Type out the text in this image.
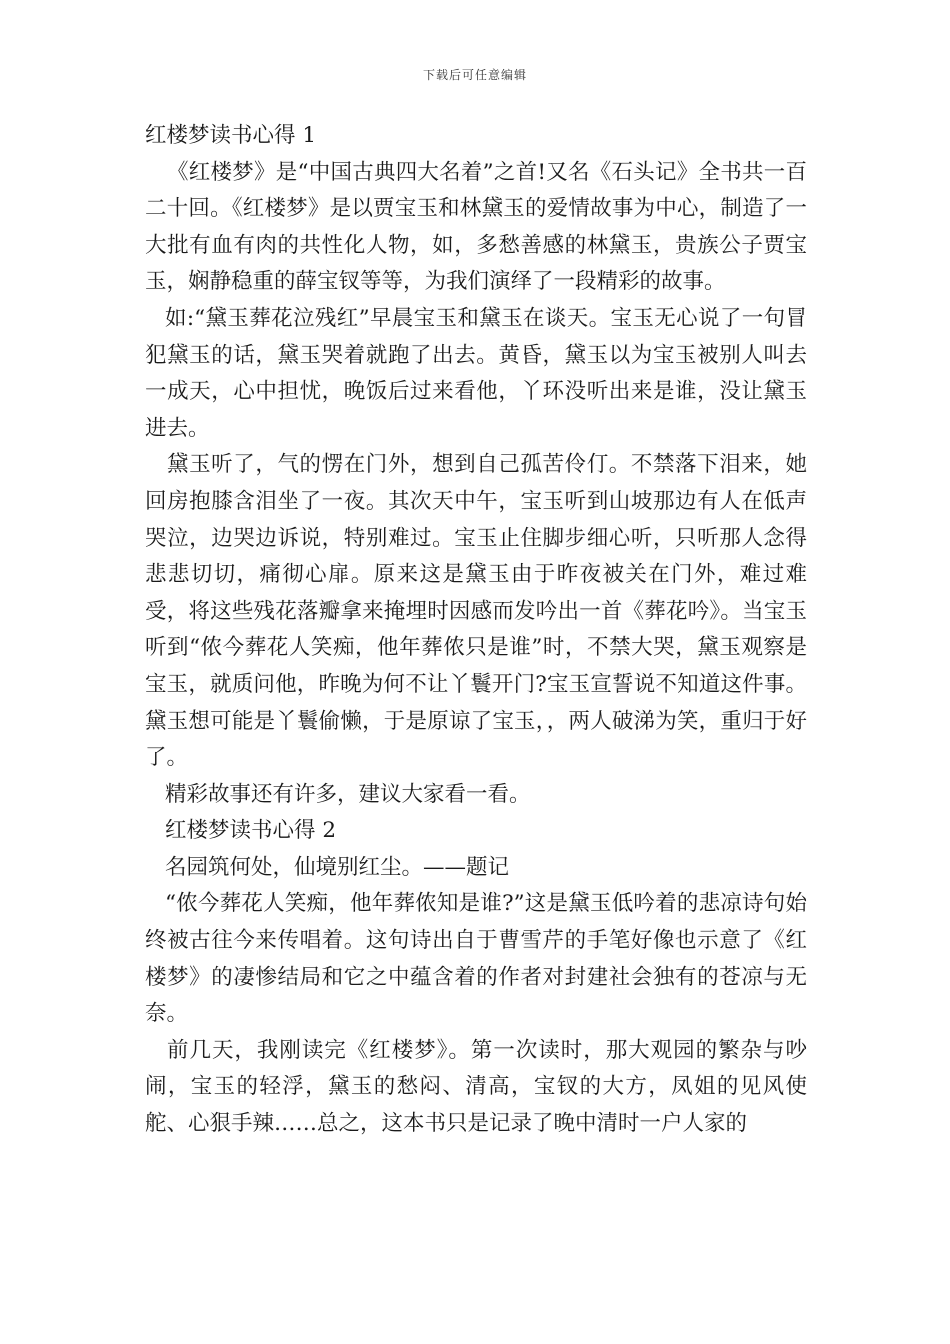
下载后可任意编辑

红楼梦读书心得 1

《红楼梦》是“中国古典四大名着”之首!又名《石头记》全书共一百二十回。《红楼梦》是以贾宝玉和林黛玉的爱情故事为中心，制造了一大批有血有肉的共性化人物，如，多愁善感的林黛玉，贵族公子贾宝玉，娴静稳重的薛宝钗等等，为我们演绎了一段精彩的故事。

如:“黛玉葬花泣残红”早晨宝玉和黛玉在谈天。宝玉无心说了一句冒犯黛玉的话，黛玉哭着就跑了出去。黄昏，黛玉以为宝玉被别人叫去一成天，心中担忧，晚饭后过来看他，丫环没听出来是谁，没让黛玉进去。

黛玉听了，气的愣在门外，想到自己孤苦伶仃。不禁落下泪来，她回房抱膝含泪坐了一夜。其次天中午，宝玉听到山坡那边有人在低声哭泣，边哭边诉说，特别难过。宝玉止住脚步细心听，只听那人念得悲悲切切，痛彻心扉。原来这是黛玉由于昨夜被关在门外，难过难受，将这些残花落瓣拿来掩埋时因感而发吟出一首《葬花吟》。当宝玉听到“侬今葬花人笑痴，他年葬侬只是谁”时，不禁大哭，黛玉观察是宝玉，就质问他，昨晚为何不让丫鬟开门?宝玉宣誓说不知道这件事。黛玉想可能是丫鬟偷懒，于是原谅了宝玉，，两人破涕为笑，重归于好了。

精彩故事还有许多，建议大家看一看。

红楼梦读书心得 2

名园筑何处，仙境别红尘。——题记

“侬今葬花人笑痴，他年葬侬知是谁?”这是黛玉低吟着的悲凉诗句始终被古往今来传唱着。这句诗出自于曹雪芹的手笔好像也示意了《红楼梦》的凄惨结局和它之中蕴含着的作者对封建社会独有的苍凉与无奈。

前几天，我刚读完《红楼梦》。第一次读时，那大观园的繁杂与吵闹，宝玉的轻浮，黛玉的愁闷、清高，宝钗的大方，凤姐的见风使舵、心狠手辣……总之，这本书只是记录了晚中清时一户人家的
